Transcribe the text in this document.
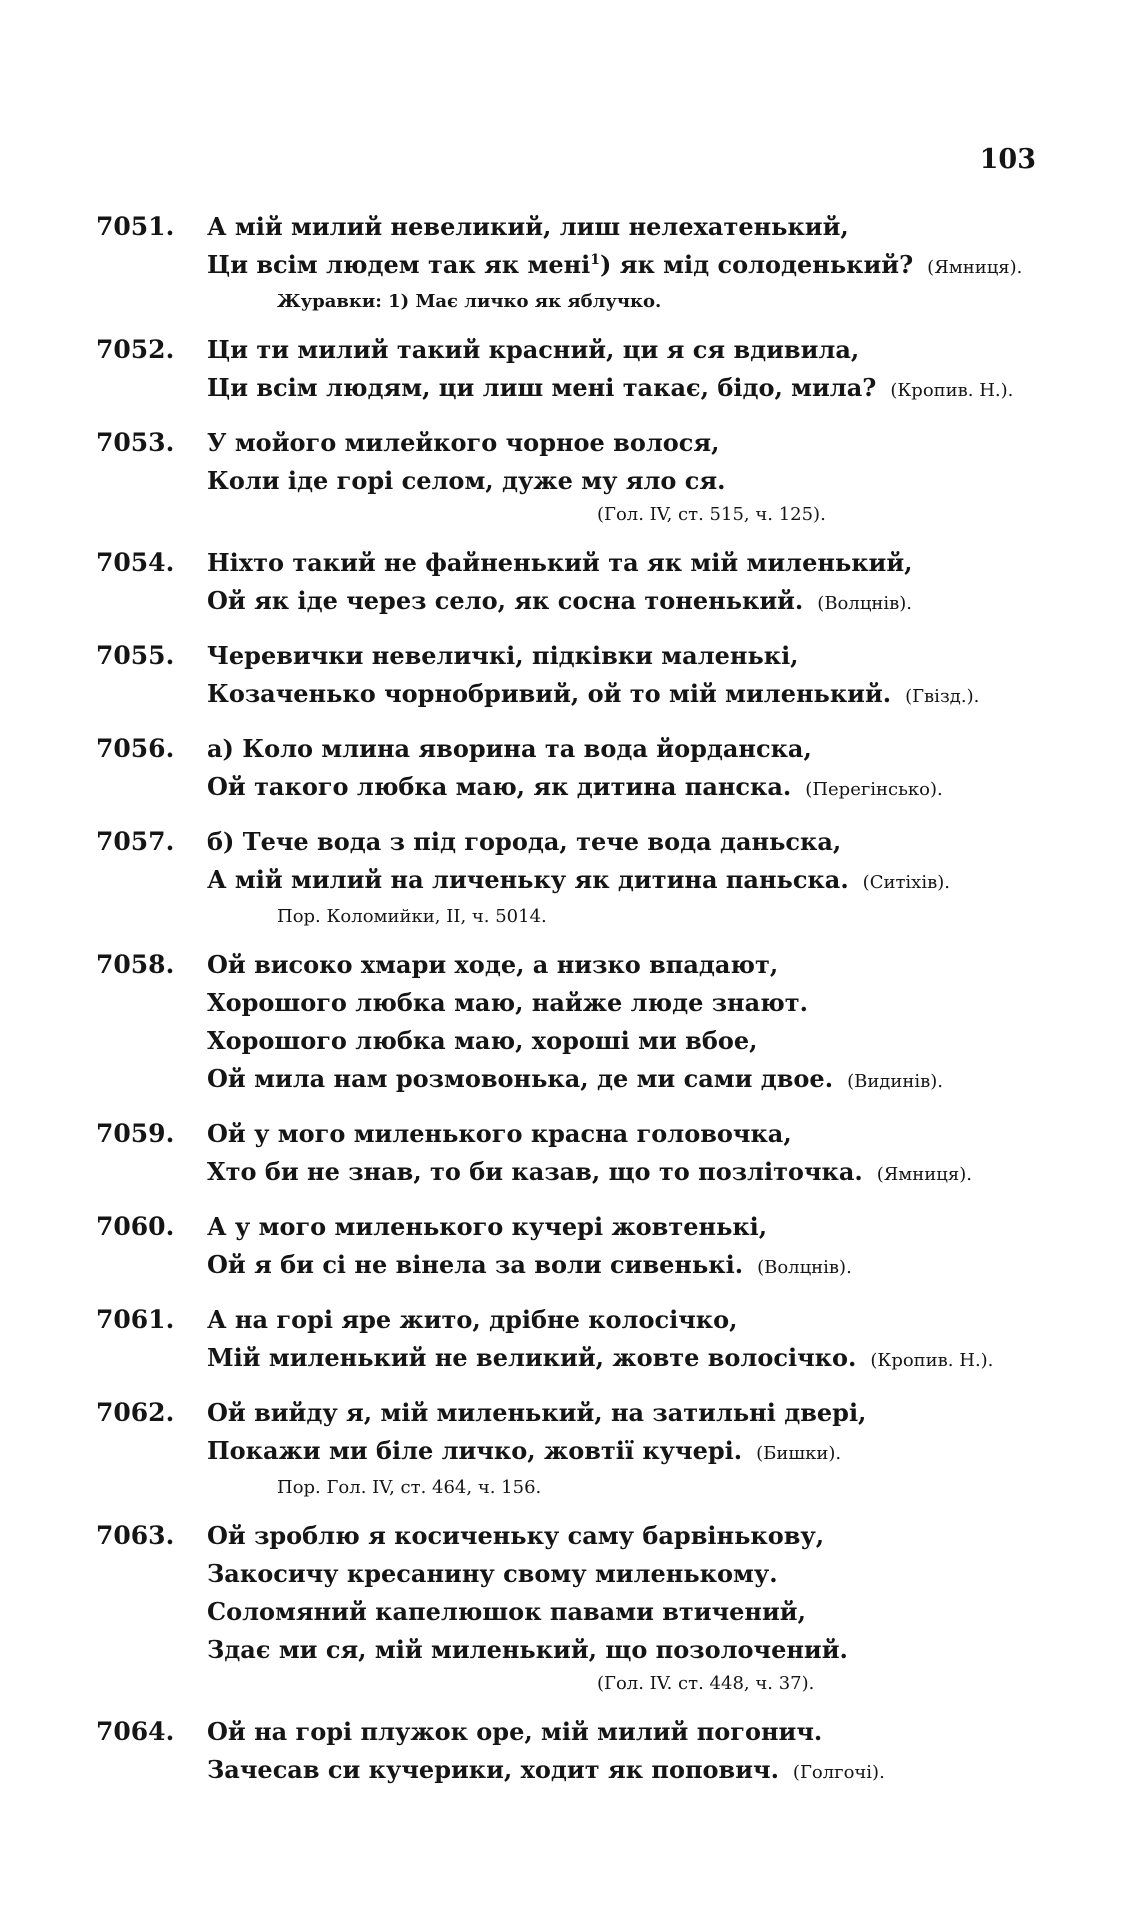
103
7051.	А мій милий невеликий, лиш нелехатенький,
Ци всім людем так як мені$^1$) як мід солоденький? (Ямниця).
Журавки: 1) Має личко як яблучко.
7052.	Ци ти милий такий красний, ци я ся вдивила,
Ци всім людям, ци лиш мені такає, бідо, мила? (Кропив. Н.).
7053.	У мойого милейкого чорное волося,
Коли іде горі селом, дуже му яло ся.
(Гол. IV, ст. 515, ч. 125).
7054.	Ніхто такий не файненький та як мій миленький,
Ой як іде через село, як сосна тоненький. (Волцнів).
7055.	Черевички невеличкі, підківки маленькі,
Козаченько чорнобривий, ой то мій миленький. (Гвізд.).
7056.	а) Коло млина яворина та вода йорданска,
Ой такого любка маю, як дитина панска. (Перегінсько).
7057.	б) Тече вода з під города, тече вода даньска,
А мій милий на личеньку як дитина паньска. (Ситіхів).
Пор. Коломийки, II, ч. 5014.
7058.	Ой високо хмари ходе, а низко впадают,
Хорошого любка маю, найже люде знают.
Хорошого любка маю, хороші ми вбое,
Ой мила нам розмовонька, де ми сами двое. (Видинів).
7059.	Ой у мого миленького красна головочка,
Хто би не знав, то би казав, що то позліточка. (Ямниця).
7060.	А у мого миленького кучері жовтенькі,
Ой я би сі не вінела за воли сивенькі. (Волцнів).
7061.	А на горі яре жито, дрібне колосічко,
Мій миленький не великий, жовте волосічко. (Кропив. Н.).
7062.	Ой вийду я, мій миленький, на затильні двері,
Покажи ми біле личко, жовтії кучері. (Бишки).
Пор. Гол. IV, ст. 464, ч. 156.
7063.	Ой зроблю я косиченьку саму барвінькову,
Закосичу кресанину свому миленькому.
Соломяний капелюшок павами втичений,
Здає ми ся, мій миленький, що позолочений.
(Гол. IV. ст. 448, ч. 37).
7064.	Ой на горі плужок оре, мій милий погонич.
Зачесав си кучерики, ходит як попович. (Голгочі).
